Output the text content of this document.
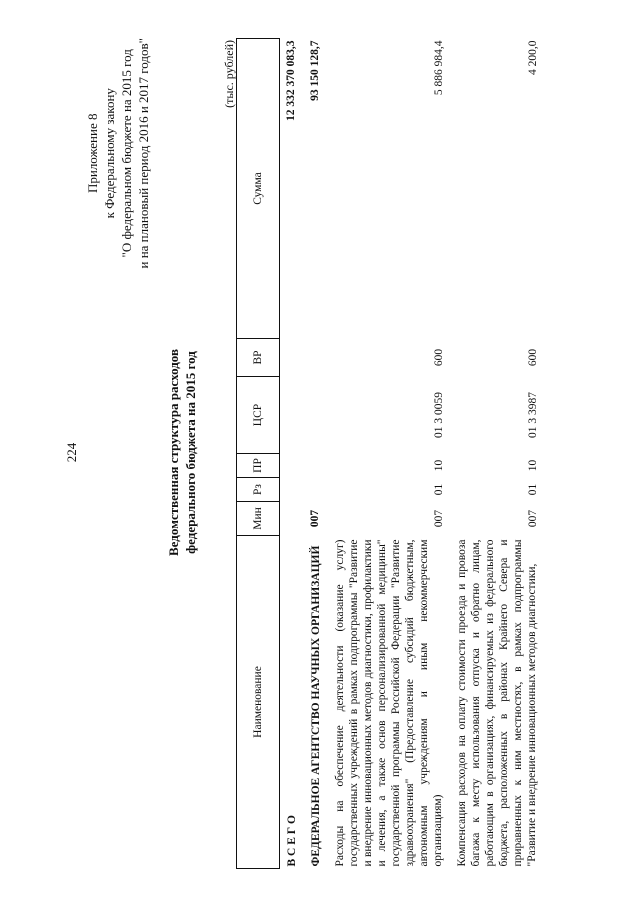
224
Приложение 8 к Федеральному закону "О федеральном бюджете на 2015 год и на плановый период 2016 и 2017 годов"
Ведомственная структура расходов федерального бюджета на 2015 год
(тыс. рублей)
Наименование	Мин	Рз	ПР	ЦСР	ВР	Сумма
В С Е Г О						12 332 370 083,3
ФЕДЕРАЛЬНОЕ АГЕНТСТВО НАУЧНЫХ ОРГАНИЗАЦИЙ	007					93 150 128,7
Расходы на обеспечение деятельности (оказание услуг) государственных учреждений в рамках подпрограммы "Развитие и внедрение инновационных методов диагностики, профилактики и лечения, а также основ персонализированной медицины" государственной программы Российской Федерации "Развитие здравоохранения" (Предоставление субсидий бюджетным, автономным учреждениям и иным некоммерческим организациям)	007	01	10	01 3 0059	600	5 886 984,4
Компенсация расходов на оплату стоимости проезда и провоза багажа к месту использования отпуска и обратно лицам, работающим в организациях, финансируемых из федерального бюджета, расположенных в районах Крайнего Севера и приравненных к ним местностях, в рамках подпрограммы "Развитие и внедрение инновационных методов диагностики,	007	01	10	01 3 3987	600	4 200,0
